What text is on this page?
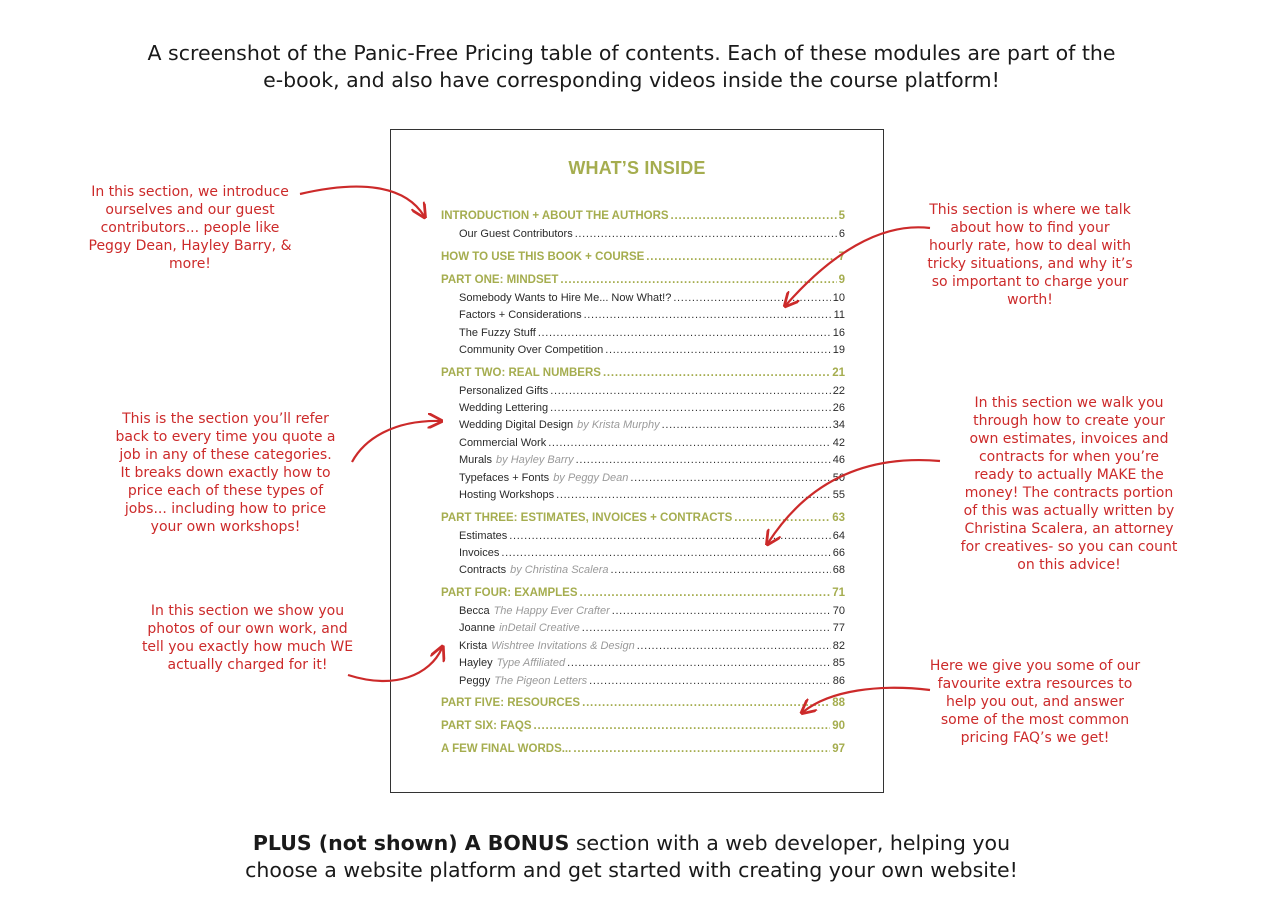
A screenshot of the Panic-Free Pricing table of contents. Each of these modules are part of the
e-book, and also have corresponding videos inside the course platform!
WHAT’S INSIDE
INTRODUCTION + ABOUT THE AUTHORS . . .	5
Our Guest Contributors . . .	6
HOW TO USE THIS BOOK + COURSE . . .	7
PART ONE: MINDSET . . .	9
Somebody Wants to Hire Me... Now What!? . . .	10
Factors + Considerations . . .	11
The Fuzzy Stuff . . .	16
Community Over Competition . . .	19
PART TWO: REAL NUMBERS . . .	21
Personalized Gifts . . .	22
Wedding Lettering . . .	26
Wedding Digital Design by Krista Murphy . . .	34
Commercial Work . . .	42
Murals by Hayley Barry . . .	46
Typefaces + Fonts by Peggy Dean . . .	50
Hosting Workshops . . .	55
PART THREE: ESTIMATES, INVOICES + CONTRACTS . . .	63
Estimates . . .	64
Invoices . . .	66
Contracts by Christina Scalera . . .	68
PART FOUR: EXAMPLES . . .	71
Becca The Happy Ever Crafter . . .	70
Joanne inDetail Creative . . .	77
Krista Wishtree Invitations & Design . . .	82
Hayley Type Affiliated . . .	85
Peggy The Pigeon Letters . . .	86
PART FIVE: RESOURCES . . .	88
PART SIX: FAQS . . .	90
A FEW FINAL WORDS... . . .	97
In this section, we introduce
ourselves and our guest
contributors... people like
Peggy Dean, Hayley Barry, &
more!
This section is where we talk
about how to find your
hourly rate, how to deal with
tricky situations, and why it’s
so important to charge your
worth!
This is the section you’ll refer
back to every time you quote a
job in any of these categories.
It breaks down exactly how to
price each of these types of
jobs... including how to price
your own workshops!
In this section we walk you
through how to create your
own estimates, invoices and
contracts for when you’re
ready to actually MAKE the
money! The contracts portion
of this was actually written by
Christina Scalera, an attorney
for creatives- so you can count
on this advice!
In this section we show you
photos of our own work, and
tell you exactly how much WE
actually charged for it!	Here we give you some of our
favourite extra resources to
help you out, and answer
some of the most common
pricing FAQ’s we get!
PLUS (not shown) A BONUS section with a web developer, helping you
choose a website platform and get started with creating your own website!
